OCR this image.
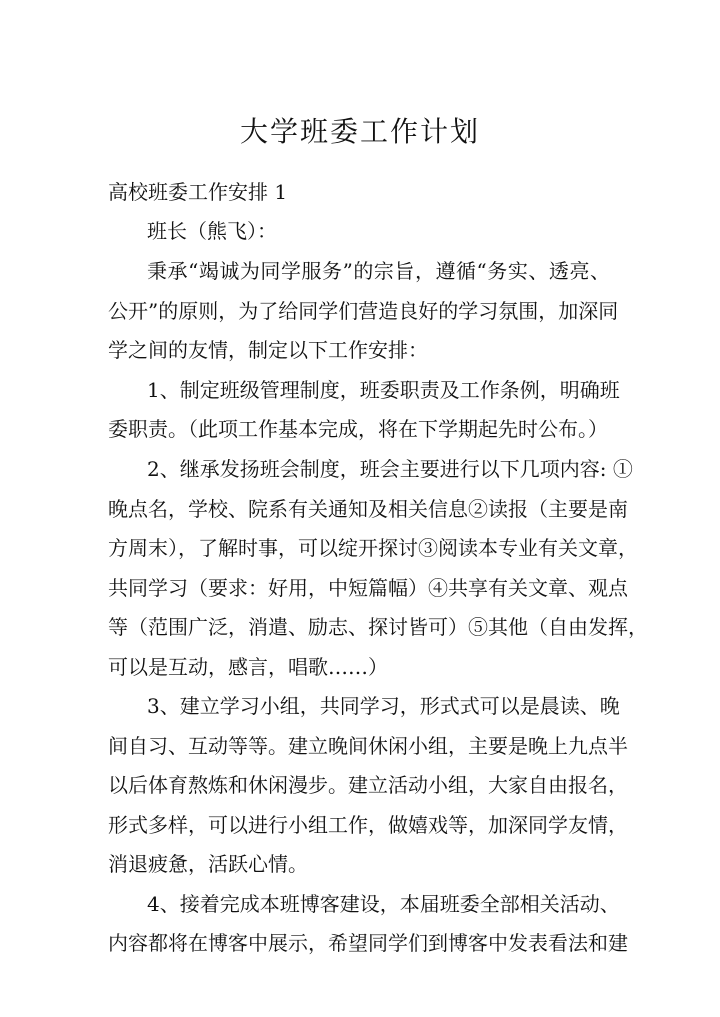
大学班委工作计划
高校班委工作安排 1
班长（熊飞）：
秉承“竭诚为同学服务”的宗旨，遵循“务实、透亮、
公开”的原则，为了给同学们营造良好的学习氛围，加深同
学之间的友情，制定以下工作安排：
1、制定班级管理制度，班委职责及工作条例，明确班
委职责。（此项工作基本完成，将在下学期起先时公布。）
2、继承发扬班会制度，班会主要进行以下几项内容: ①
晚点名，学校、院系有关通知及相关信息②读报（主要是南
方周末），了解时事，可以绽开探讨③阅读本专业有关文章，
共同学习（要求：好用，中短篇幅）④共享有关文章、观点
等（范围广泛，消遣、励志、探讨皆可）⑤其他（自由发挥，
可以是互动，感言，唱歌……）
3、建立学习小组，共同学习，形式式可以是晨读、晚
间自习、互动等等。建立晚间休闲小组，主要是晚上九点半
以后体育熬炼和休闲漫步。建立活动小组，大家自由报名，
形式多样，可以进行小组工作，做嬉戏等，加深同学友情，
消退疲惫，活跃心情。
4、接着完成本班博客建设，本届班委全部相关活动、
内容都将在博客中展示，希望同学们到博客中发表看法和建
